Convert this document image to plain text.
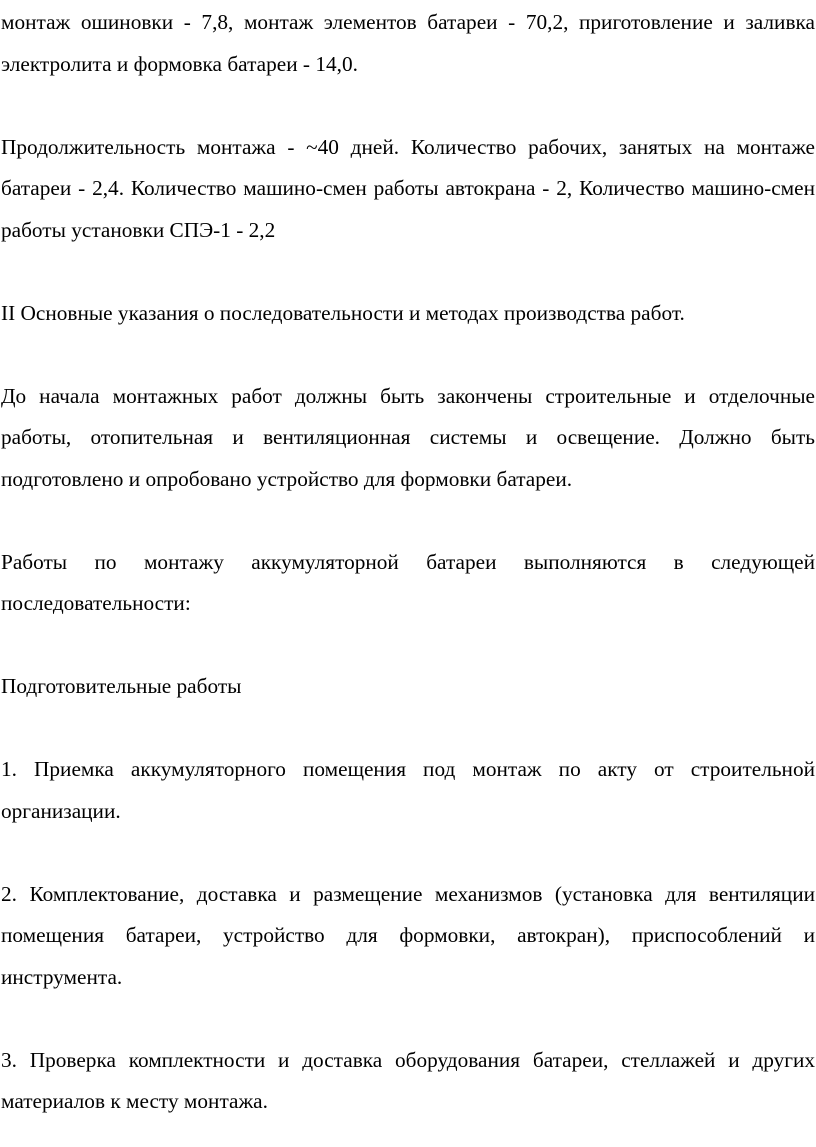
монтаж ошиновки - 7,8, монтаж элементов батареи - 70,2, приготовление и заливка электролита и формовка батареи - 14,0.

Продолжительность монтажа - ~40 дней. Количество рабочих, занятых на монтаже батареи - 2,4. Количество машино-смен работы автокрана - 2, Количество машино-смен работы установки СПЭ-1 - 2,2

II Основные указания о последовательности и методах производства работ.

До начала монтажных работ должны быть закончены строительные и отделочные работы, отопительная и вентиляционная системы и освещение. Должно быть подготовлено и опробовано устройство для формовки батареи.

Работы по монтажу аккумуляторной батареи выполняются в следующей последовательности:

Подготовительные работы

1. Приемка аккумуляторного помещения под монтаж по акту от строительной организации.

2. Комплектование, доставка и размещение механизмов (установка для вентиляции помещения батареи, устройство для формовки, автокран), приспособлений и инструмента.

3. Проверка комплектности и доставка оборудования батареи, стеллажей и других материалов к месту монтажа.
